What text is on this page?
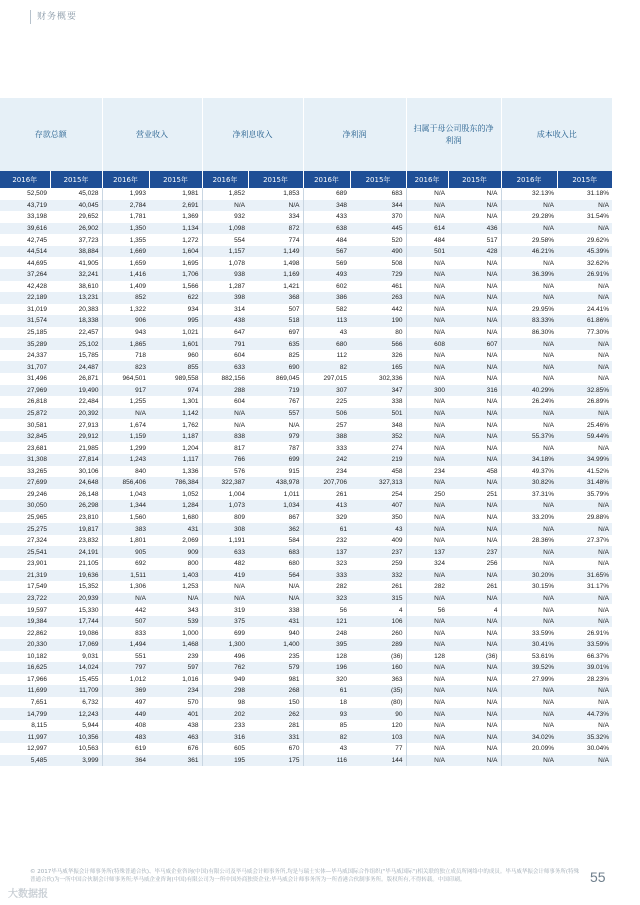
财务概要
存款总额		营业收入		净利息收入		净利润		扫属于母公司股东的净利润		成本收入比	

2016年	2015年	2016年	2015年	2016年	2015年	2016年	2015年	2016年	2015年	2016年	2015年
52,509	45,028	1,993	1,981	1,852	1,853	689	683	N/A	N/A	32.13%	31.18%
43,719	40,045	2,784	2,691	N/A	N/A	348	344	N/A	N/A	N/A	N/A
33,198	29,652	1,781	1,369	932	334	433	370	N/A	N/A	29.28%	31.54%
39,616	26,902	1,350	1,134	1,098	872	638	445	614	436	N/A	N/A
42,745	37,723	1,355	1,272	554	774	484	520	484	517	29.58%	29.62%
44,514	38,884	1,669	1,604	1,157	1,149	567	490	501	428	46.21%	45.39%
44,695	41,905	1,659	1,695	1,078	1,498	569	508	N/A	N/A	N/A	32.62%
37,264	32,241	1,416	1,706	938	1,169	493	729	N/A	N/A	36.39%	26.91%
42,428	38,610	1,409	1,566	1,287	1,421	602	461	N/A	N/A	N/A	N/A
22,189	13,231	852	622	398	368	386	263	N/A	N/A	N/A	N/A
31,019	20,383	1,322	934	314	507	582	442	N/A	N/A	29.95%	24.41%
31,574	18,338	906	995	438	518	113	190	N/A	N/A	83.33%	61.86%
25,185	22,457	943	1,021	647	697	43	80	N/A	N/A	86.30%	77.30%
35,289	25,102	1,865	1,601	791	635	680	566	608	607	N/A	N/A
24,337	15,785	718	960	604	825	112	326	N/A	N/A	N/A	N/A
31,707	24,487	823	855	633	690	82	165	N/A	N/A	N/A	N/A
31,496	26,871	964,501	989,558	882,156	869,045	297,015	302,336	N/A	N/A	N/A	N/A
27,969	19,490	917	974	288	719	307	347	300	316	40.29%	32.85%
26,818	22,484	1,255	1,301	604	767	225	338	N/A	N/A	26.24%	26.89%
25,872	20,392	N/A	1,142	N/A	557	506	501	N/A	N/A	N/A	N/A
30,581	27,913	1,674	1,762	N/A	N/A	257	348	N/A	N/A	N/A	25.46%
32,845	29,912	1,159	1,187	838	979	388	352	N/A	N/A	55.37%	59.44%
23,681	21,985	1,299	1,204	817	787	333	274	N/A	N/A	N/A	N/A
31,308	27,814	1,243	1,117	766	699	242	219	N/A	N/A	34.18%	34.99%
33,265	30,106	840	1,336	576	915	234	458	234	458	49.37%	41.52%
27,699	24,648	856,406	786,384	322,387	438,978	207,706	327,313	N/A	N/A	30.82%	31.48%
29,246	26,148	1,043	1,052	1,004	1,011	261	254	250	251	37.31%	35.79%
30,050	26,298	1,344	1,284	1,073	1,034	413	407	N/A	N/A	N/A	N/A
25,965	23,810	1,560	1,680	809	867	329	350	N/A	N/A	33.20%	29.88%
25,275	19,817	383	431	308	362	61	43	N/A	N/A	N/A	N/A
27,324	23,832	1,801	2,069	1,191	584	232	409	N/A	N/A	28.36%	27.37%
25,541	24,191	905	909	633	683	137	237	137	237	N/A	N/A
23,901	21,105	692	800	482	680	323	259	324	256	N/A	N/A
21,319	19,636	1,511	1,403	419	564	333	332	N/A	N/A	30.20%	31.65%
17,549	15,352	1,306	1,253	N/A	N/A	282	261	282	261	30.15%	31.17%
23,722	20,939	N/A	N/A	N/A	N/A	323	315	N/A	N/A	N/A	N/A
19,597	15,330	442	343	319	338	56	4	56	4	N/A	N/A
19,384	17,744	507	539	375	431	121	106	N/A	N/A	N/A	N/A
22,862	19,086	833	1,000	699	940	248	260	N/A	N/A	33.59%	26.91%
20,330	17,069	1,494	1,468	1,300	1,400	395	289	N/A	N/A	30.41%	33.59%
10,182	9,031	551	239	496	235	128	(36)	128	(36)	53.61%	66.37%
16,625	14,024	797	597	762	579	196	160	N/A	N/A	39.52%	39.01%
17,966	15,455	1,012	1,016	949	981	320	363	N/A	N/A	27.99%	28.23%
11,699	11,709	369	234	298	268	61	(35)	N/A	N/A	N/A	N/A
7,651	6,732	497	570	98	150	18	(80)	N/A	N/A	N/A	N/A
14,799	12,243	449	401	202	262	93	90	N/A	N/A	N/A	44.73%
8,115	5,944	408	438	233	281	85	120	N/A	N/A	N/A	N/A
11,997	10,356	483	463	316	331	82	103	N/A	N/A	34.02%	35.32%
12,997	10,563	619	676	605	670	43	77	N/A	N/A	20.09%	30.04%
5,485	3,999	364	361	195	175	116	144	N/A	N/A	N/A	N/A
© 2017毕马威华振会计师事务所(特殊普通合伙)、毕马威企业咨询(中国)有限公司及毕马威会计师事务所,均是与瑞士实体—毕马威国际合作组织("毕马威国际")相关联的独立成员所网络中的成员。毕马威华振会计师事务所(特殊普通合伙)为一所中国合伙制会计师事务所;毕马威企业咨询(中国)有限公司为一所中国外商独资企业;毕马威会计师事务所为一所香港合伙制事务所。版权所有,不得转载。中国印刷。	55
大数据报
